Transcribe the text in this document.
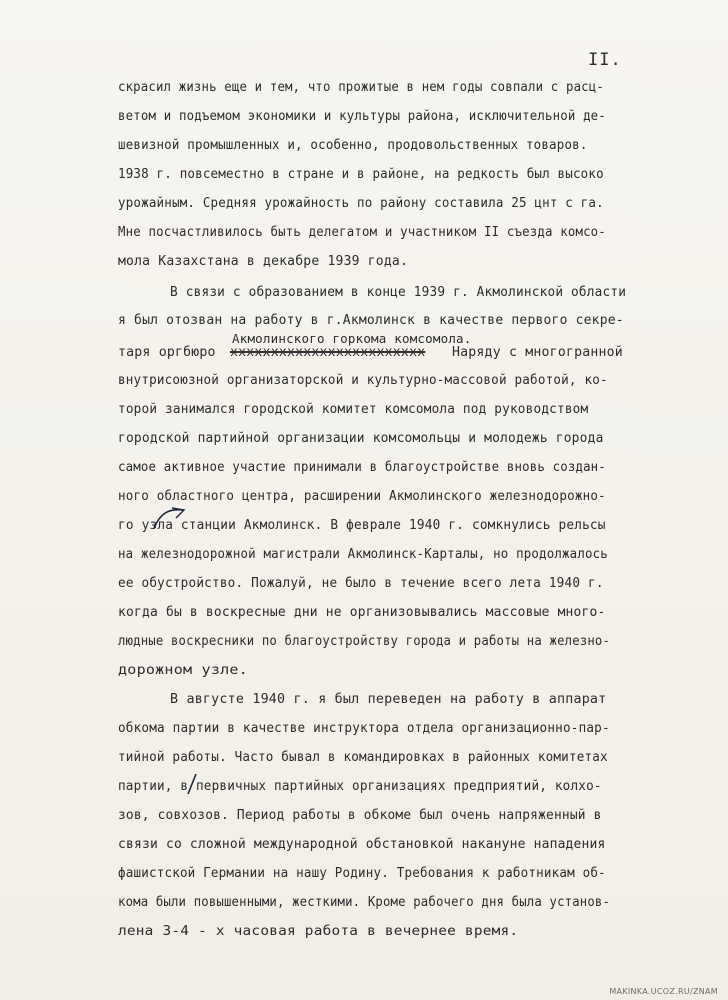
II.
скрасил жизнь еще и тем, что прожитые в нем годы совпали с расц-
ветом и подъемом экономики и культуры района, исключительной де-
шевизной промышленных и, особенно, продовольственных товаров.
1938 г. повсеместно в стране и в районе, на редкость был высоко
урожайным. Средняя урожайность по району составила 25 цнт с га.
Мне посчастливилось быть делегатом и участником II съезда комсо-
мола Казахстана в декабре 1939 года.
В связи с образованием в конце 1939 г. Акмолинской области
я был отозван на работу в г.Акмолинск в качестве первого секре-
Акмолинского горкома комсомола.
таря оргбюро xxxxxxxxxxxxxxxxxxxxxxxx Наряду с многогранной
внутрисоюзной организаторской и культурно-массовой работой, ко-
торой занимался городской комитет комсомола под руководством
городской партийной организации комсомольцы и молодежь города
самое активное участие принимали в благоустройстве вновь создан-
ного областного центра, расширении Акмолинского железнодорожно-
го узла станции Акмолинск. В феврале 1940 г. сомкнулись рельсы
на железнодорожной магистрали Акмолинск-Карталы, но продолжалось
ее обустройство. Пожалуй, не было в течение всего лета 1940 г.
когда бы в воскресные дни не организовывались массовые много-
людные воскресники по благоустройству города и работы на железно-
дорожном узле.
В августе 1940 г. я был переведен на работу в аппарат
обкома партии в качестве инструктора отдела организационно-пар-
тийной работы. Часто бывал в командировках в районных комитетах
партии, в первичных партийных организациях предприятий, колхо-
зов, совхозов. Период работы в обкоме был очень напряженный в
связи со сложной международной обстановкой накануне нападения
фашистской Германии на нашу Родину. Требования к работникам об-
кома были повышенными, жесткими. Кроме рабочего дня была установ-
лена 3-4 - х часовая работа в вечернее время.
MAKINKA.UCOZ.RU/ZNAM
